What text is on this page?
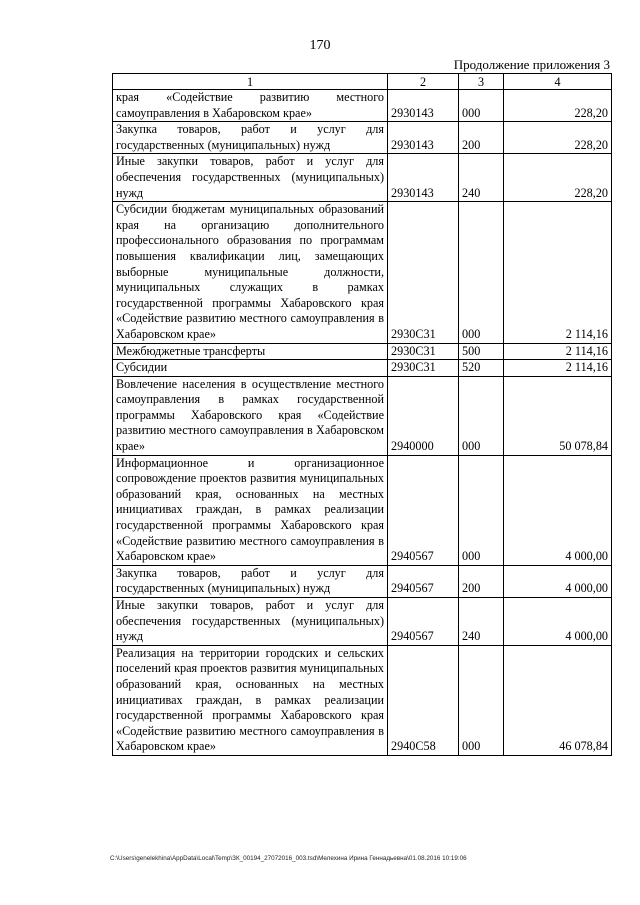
170
Продолжение приложения 3
1	2	3	4
края «Содействие развитию местного самоуправления в Хабаровском крае»	2930143	000	228,20
Закупка товаров, работ и услуг для государственных (муниципальных) нужд	2930143	200	228,20
Иные закупки товаров, работ и услуг для обеспечения государственных (муниципальных) нужд	2930143	240	228,20
Субсидии бюджетам муниципальных образований края на организацию дополнительного профессионального образования по программам повышения квалификации лиц, замещающих выборные муниципальные должности, муниципальных служащих в рамках государственной программы Хабаровского края «Содействие развитию местного самоуправления в Хабаровском крае»	2930С31	000	2 114,16
Межбюджетные трансферты	2930С31	500	2 114,16
Субсидии	2930С31	520	2 114,16
Вовлечение населения в осуществление местного самоуправления в рамках государственной программы Хабаровского края «Содействие развитию местного самоуправления в Хабаровском крае»	2940000	000	50 078,84
Информационное и организационное сопровождение проектов развития муниципальных образований края, основанных на местных инициативах граждан, в рамках реализации государственной программы Хабаровского края «Содействие развитию местного самоуправления в Хабаровском крае»	2940567	000	4 000,00
Закупка товаров, работ и услуг для государственных (муниципальных) нужд	2940567	200	4 000,00
Иные закупки товаров, работ и услуг для обеспечения государственных (муниципальных) нужд	2940567	240	4 000,00
Реализация на территории городских и сельских поселений края проектов развития муниципальных образований края, основанных на местных инициативах граждан, в рамках реализации государственной программы Хабаровского края «Содействие развитию местного самоуправления в Хабаровском крае»	2940С58	000	46 078,84
C:\Users\genelekhina\AppData\Local\Temp\ЗК_00194_27072016_003.tsd\Мелехина Ирина Геннадьевна\01.08.2016 10:19:06
